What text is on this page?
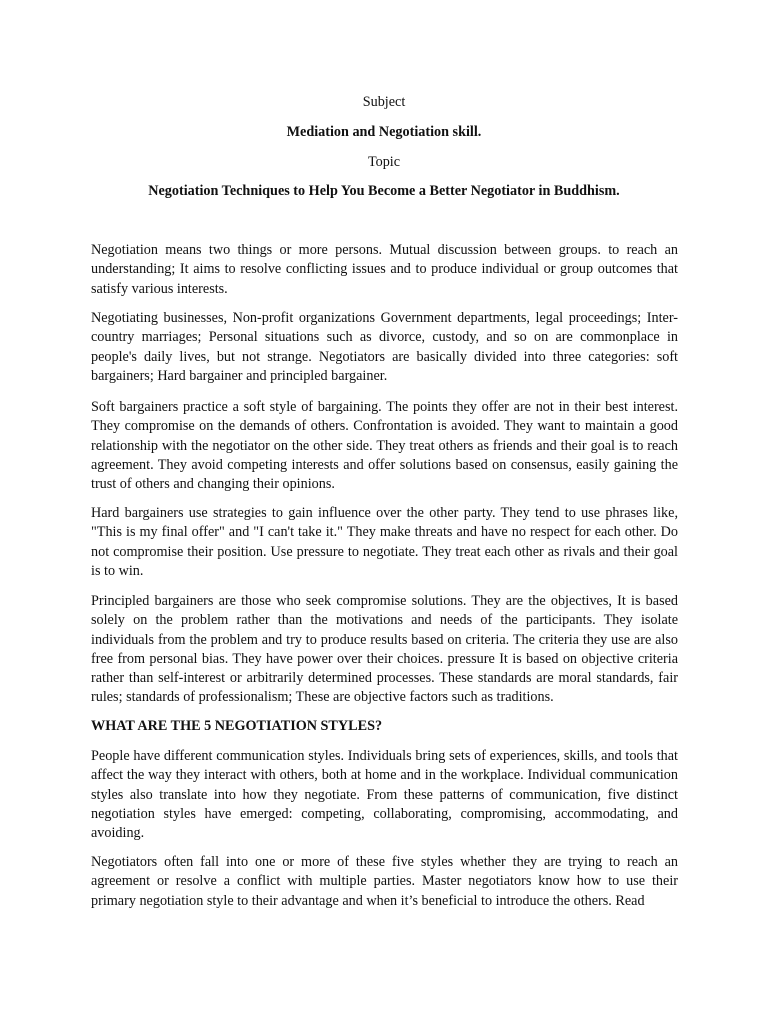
Subject

Mediation and Negotiation skill.

Topic

Negotiation Techniques to Help You Become a Better Negotiator in Buddhism.

Negotiation means two things or more persons. Mutual discussion between groups. to reach an understanding; It aims to resolve conflicting issues and to produce individual or group outcomes that satisfy various interests.

Negotiating businesses, Non-profit organizations Government departments, legal proceedings; Inter-country marriages; Personal situations such as divorce, custody, and so on are commonplace in people's daily lives, but not strange. Negotiators are basically divided into three categories: soft bargainers; Hard bargainer and principled bargainer.

Soft bargainers practice a soft style of bargaining. The points they offer are not in their best interest. They compromise on the demands of others. Confrontation is avoided. They want to maintain a good relationship with the negotiator on the other side. They treat others as friends and their goal is to reach agreement. They avoid competing interests and offer solutions based on consensus, easily gaining the trust of others and changing their opinions.

Hard bargainers use strategies to gain influence over the other party. They tend to use phrases like, "This is my final offer" and "I can't take it." They make threats and have no respect for each other. Do not compromise their position. Use pressure to negotiate. They treat each other as rivals and their goal is to win.

Principled bargainers are those who seek compromise solutions. They are the objectives, It is based solely on the problem rather than the motivations and needs of the participants. They isolate individuals from the problem and try to produce results based on criteria. The criteria they use are also free from personal bias. They have power over their choices. pressure It is based on objective criteria rather than self-interest or arbitrarily determined processes. These standards are moral standards, fair rules; standards of professionalism; These are objective factors such as traditions.

WHAT ARE THE 5 NEGOTIATION STYLES?

People have different communication styles. Individuals bring sets of experiences, skills, and tools that affect the way they interact with others, both at home and in the workplace. Individual communication styles also translate into how they negotiate. From these patterns of communication, five distinct negotiation styles have emerged: competing, collaborating, compromising, accommodating, and avoiding.

Negotiators often fall into one or more of these five styles whether they are trying to reach an agreement or resolve a conflict with multiple parties. Master negotiators know how to use their primary negotiation style to their advantage and when it’s beneficial to introduce the others. Read
